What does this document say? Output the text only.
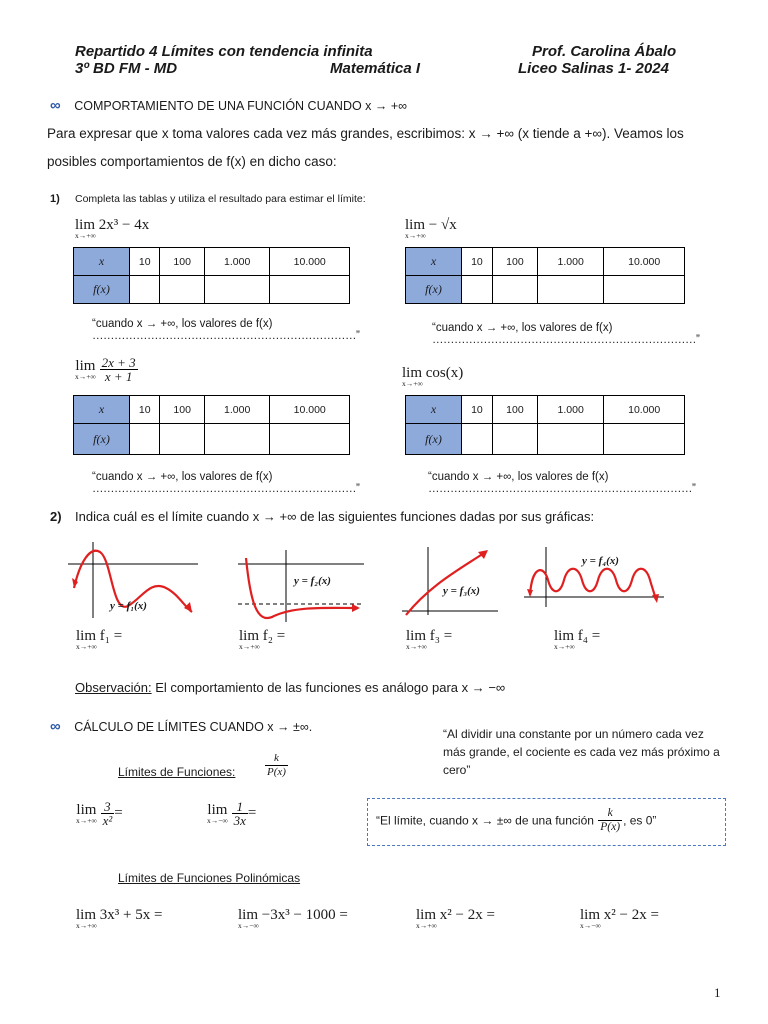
Repartido 4 Límites con tendencia infinita
3º BD FM - MD	Matemática I
Prof. Carolina Ábalo
Liceo Salinas 1- 2024
∞ COMPORTAMIENTO DE UNA FUNCIÓN CUANDO x → +∞
Para expresar que x toma valores cada vez más grandes, escribimos: x → +∞ (x tiende a +∞). Veamos los
posibles comportamientos de f(x) en dicho caso:
1) Completa las tablas y utiliza el resultado para estimar el límite:
lim 2x³ − 4x
x→+∞
lim − √x
x→+∞
x	10	100	1.000	10.000
f(x)				
x	10	100	1.000	10.000
f(x)				
“cuando x → +∞, los valores de f(x)
………………………………………………………………”
“cuando x → +∞, los valores de f(x)
………………………………………………………………”
lim
x→+∞
$\frac{2x + 3}{x + 1}$	lim cos(x)
x→+∞
x	10	100	1.000	10.000
f(x)				
x	10	100	1.000	10.000
f(x)				
“cuando x → +∞, los valores de f(x)
………………………………………………………………”
“cuando x → +∞, los valores de f(x)
………………………………………………………………”
2) Indica cuál es el límite cuando x → +∞ de las siguientes funciones dadas por sus gráficas:
y = f₁(x)
y = f₂(x)
y = f₃(x)
y = f₄(x)
lim f₁ =
x→+∞
lim f₂ =
x→+∞
lim f₃ =
x→+∞
lim f₄ =
x→+∞
Observación: El comportamiento de las funciones es análogo para x → −∞
∞ CÁLCULO DE LÍMITES CUANDO x → ±∞.	“Al dividir una constante por un número cada vez más grande, el cociente es cada vez más próximo a cero”
Límites de Funciones:	$\frac{k}{P(x)}$
lim
x→+∞
$\frac{3}{\text{x²}}$ =	lim
x→−∞
$\frac{1}{3x}$ =	“El límite, cuando x → ±∞ de una función $\frac{k}{P(x)}$ , es 0”
Límites de Funciones Polinómicas
lim 3x³ + 5x =
x→+∞
lim −3x³ − 1000 =
x→−∞
lim x² − 2x =
x→+∞
lim x² − 2x =
x→−∞
1
